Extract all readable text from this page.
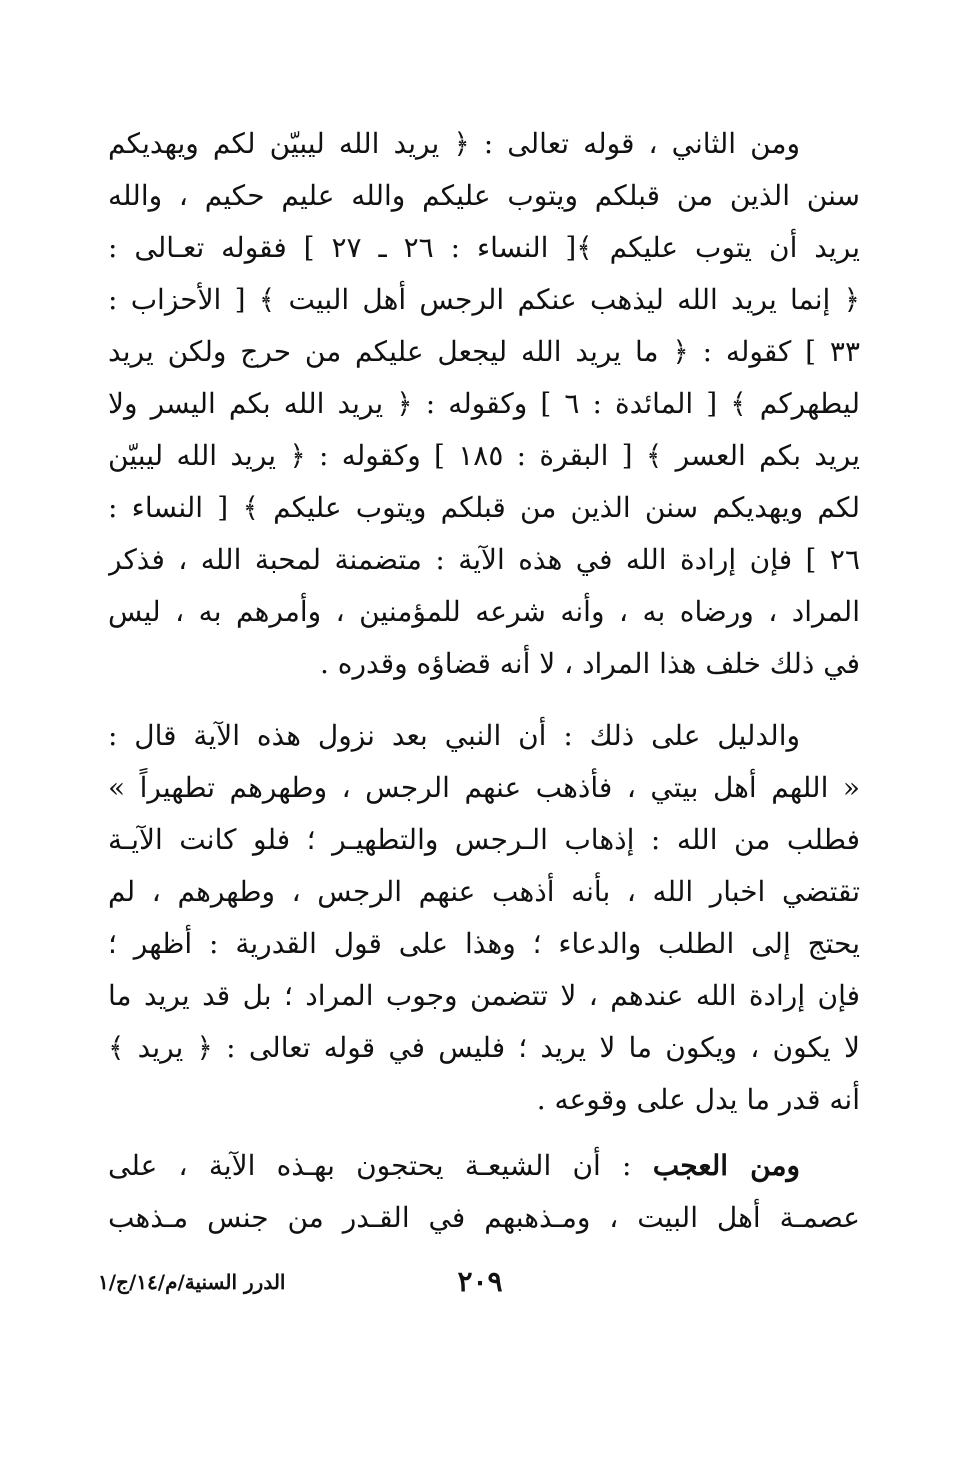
ومن الثاني ، قوله تعالى : ﴿ يريد الله ليبيّن لكم ويهديكم
سنن الذين من قبلكم ويتوب عليكم والله عليم حكيم ، والله
يريد أن يتوب عليكم ﴾[ النساء : ٢٦ ـ ٢٧ ] فقوله تعـالى :
﴿ إنما يريد الله ليذهب عنكم الرجس أهل البيت ﴾ [ الأحزاب :
٣٣ ] كقوله : ﴿ ما يريد الله ليجعل عليكم من حرج ولكن يريد
ليطهركم ﴾ [ المائدة : ٦ ] وكقوله : ﴿ يريد الله بكم اليسر ولا
يريد بكم العسر ﴾ [ البقرة : ١٨٥ ] وكقوله : ﴿ يريد الله ليبيّن
لكم ويهديكم سنن الذين من قبلكم ويتوب عليكم ﴾ [ النساء :
٢٦ ] فإن إرادة الله في هذه الآية : متضمنة لمحبة الله ، فذكر
المراد ، ورضاه به ، وأنه شرعه للمؤمنين ، وأمرهم به ، ليس
في ذلك خلف هذا المراد ، لا أنه قضاؤه وقدره .
والدليل على ذلك : أن النبي بعد نزول هذه الآية قال :
« اللهم أهل بيتي ، فأذهب عنهم الرجس ، وطهرهم تطهيراً »
فطلب من الله : إذهاب الـرجس والتطهيـر ؛ فلو كانت الآيـة
تقتضي اخبار الله ، بأنه أذهب عنهم الرجس ، وطهرهم ، لم
يحتج إلى الطلب والدعاء ؛ وهذا على قول القدرية : أظهر ؛
فإن إرادة الله عندهم ، لا تتضمن وجوب المراد ؛ بل قد يريد ما
لا يكون ، ويكون ما لا يريد ؛ فليس في قوله تعالى : ﴿ يريد ﴾
أنه قدر ما يدل على وقوعه .
ومن العجب : أن الشيعـة يحتجون بهـذه الآية ، على
عصمـة أهل البيت ، ومـذهبهم في القـدر من جنس مـذهب
٢٠٩
الدرر السنية/م/١٤/ج/١
